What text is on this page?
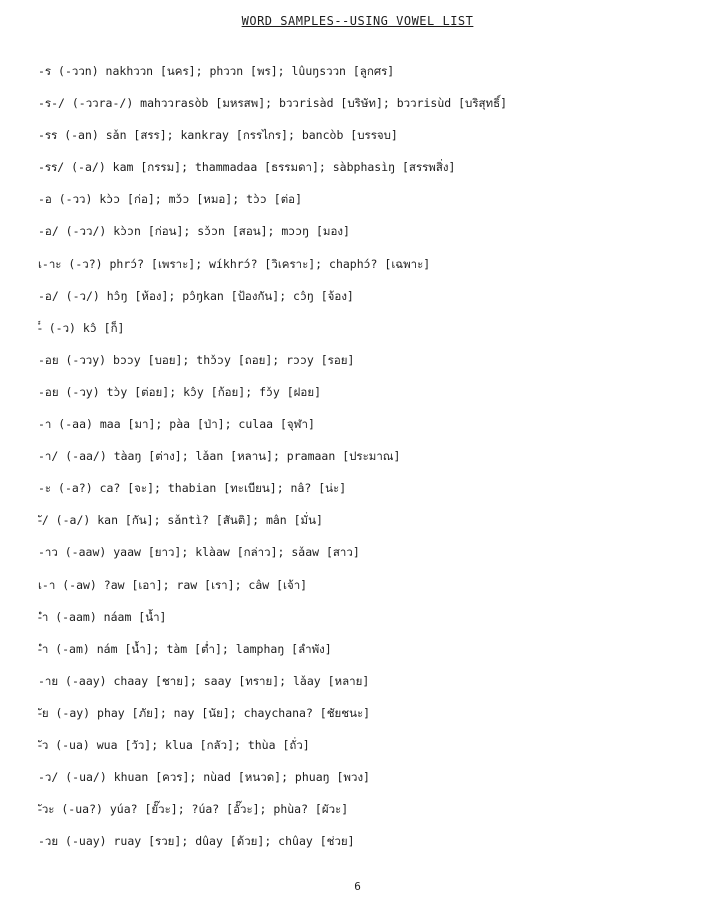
WORD SAMPLES--USING VOWEL LIST
-ร (-ววn) nakhววn [นคร]; phววn [พร]; lûuŋsววn [ลูกศร]
-ร-/ (-ววra-/) mahววrasòb [มหรสพ]; bววrisàd [บริษัท]; bววrisùd [บริสุทธิ์]
-รร (-an) sǎn [สรร]; kankray [กรรไกร]; bancòb [บรรจบ]
-รร/ (-a/) kam [กรรม]; thammadaa [ธรรมดา]; sàbphasìŋ [สรรพสิ่ง]
-อ (-วว) kɔ̀ɔ [ก่อ]; mɔ̌ɔ [หมอ]; tɔ̀ɔ [ต่อ]
-อ/ (-วว/) kɔ̀ɔn [ก่อน]; sɔ̌ɔn [สอน]; mɔɔŋ [มอง]
เ-าะ (-ว?) phrɔ́? [เพราะ]; wíkhrɔ́? [วิเคราะ]; chaphɔ́? [เฉพาะ]
-อ/ (-ว/) hɔ̂ŋ [ห้อง]; pɔ̂ŋkan [ป้องกัน]; cɔ̂ŋ [จ้อง]
-็ (-ว) kɔ̂ [ก็]
-อย (-ววy) bɔɔy [บอย]; thɔ̌ɔy [ถอย]; rɔɔy [รอย]
-อย (-วy) tɔ̀y [ต่อย]; kɔ̂y [ก้อย]; fɔ̌y [ฝอย]
-า (-aa) maa [มา]; pàa [ป่า]; culaa [จุฬา]
-า/ (-aa/) tàaŋ [ต่าง]; lǎan [หลาน]; pramaan [ประมาณ]
-ะ (-a?) ca? [จะ]; thabian [ทะเบียน]; nâ? [น่ะ]
-ั/ (-a/) kan [กัน]; sǎntì? [สันติ]; mân [มั่น]
-าว (-aaw) yaaw [ยาว]; klàaw [กล่าว]; sǎaw [สาว]
เ-า (-aw) ?aw [เอา]; raw [เรา]; câw [เจ้า]
-ำ (-aam) náam [น้ำ]
-ำ (-am) nám [น้ำ]; tàm [ต่ำ]; lamphaŋ [ลำพัง]
-าย (-aay) chaay [ชาย]; saay [ทราย]; lǎay [หลาย]
-ัย (-ay) phay [ภัย]; nay [นัย]; chaychana? [ชัยชนะ]
-ัว (-ua) wua [วัว]; klua [กลัว]; thùa [ถั่ว]
-ว/ (-ua/) khuan [ควร]; nùad [หนวด]; phuaŋ [พวง]
-ัวะ (-ua?) yúa? [ยั๊วะ]; ?úa? [อั๊วะ]; phùa? [ผัวะ]
-วย (-uay) ruay [รวย]; dûay [ด้วย]; chûay [ช่วย]
6
